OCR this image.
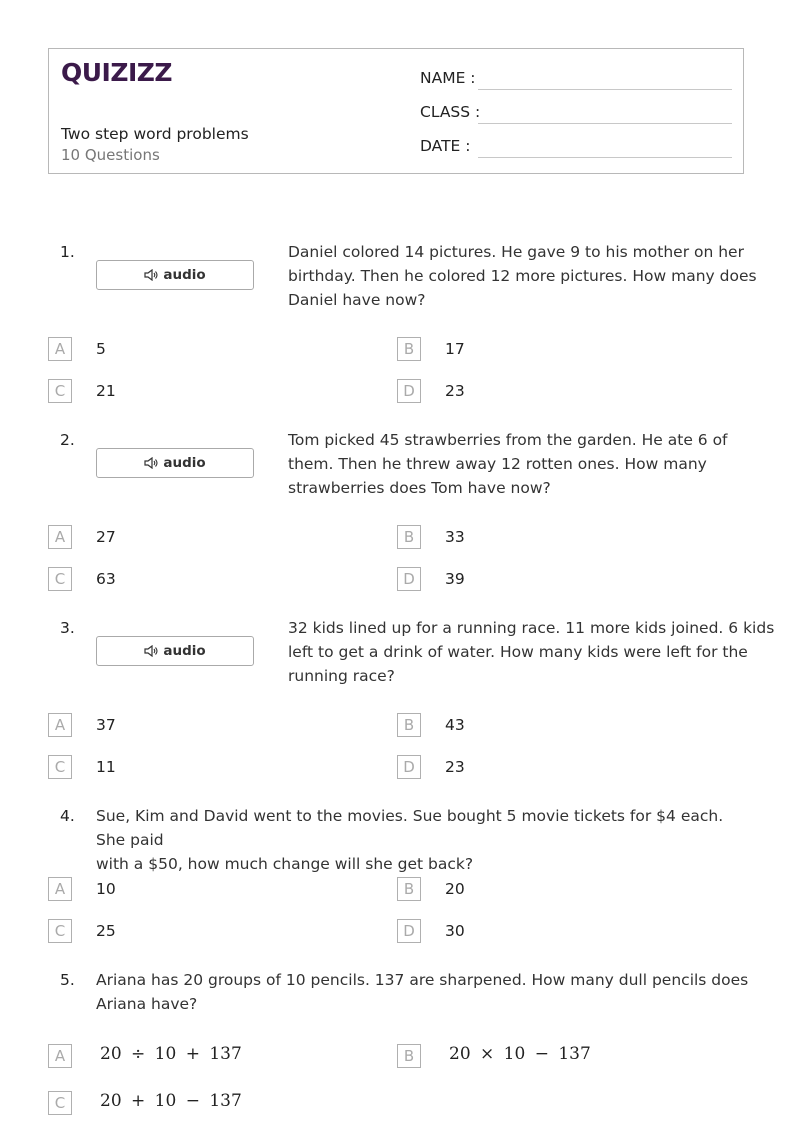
QUIZIZZ
Two step word problems
10 Questions
NAME :
CLASS :
DATE :
1.
audio
Daniel colored 14 pictures. He gave 9 to his mother on her
birthday. Then he colored 12 more pictures. How many does
Daniel have now?
A	5	B	17
C	21	D	23
2.
audio
Tom picked 45 strawberries from the garden. He ate 6 of
them. Then he threw away 12 rotten ones. How many
strawberries does Tom have now?
A	27	B	33
C	63	D	39
3.
audio
32 kids lined up for a running race. 11 more kids joined. 6 kids
left to get a drink of water. How many kids were left for the
running race?
A	37	B	43
C	11	D	23
4. Sue, Kim and David went to the movies. Sue bought 5 movie tickets for $4 each. She paid
with a $50, how much change will she get back?
A	10	B	20
C	25	D	30
5. Ariana has 20 groups of 10 pencils. 137 are sharpened. How many dull pencils does
Ariana have?
A	20 ÷ 10 + 137	B	20 × 10 − 137
C	20 + 10 − 137
